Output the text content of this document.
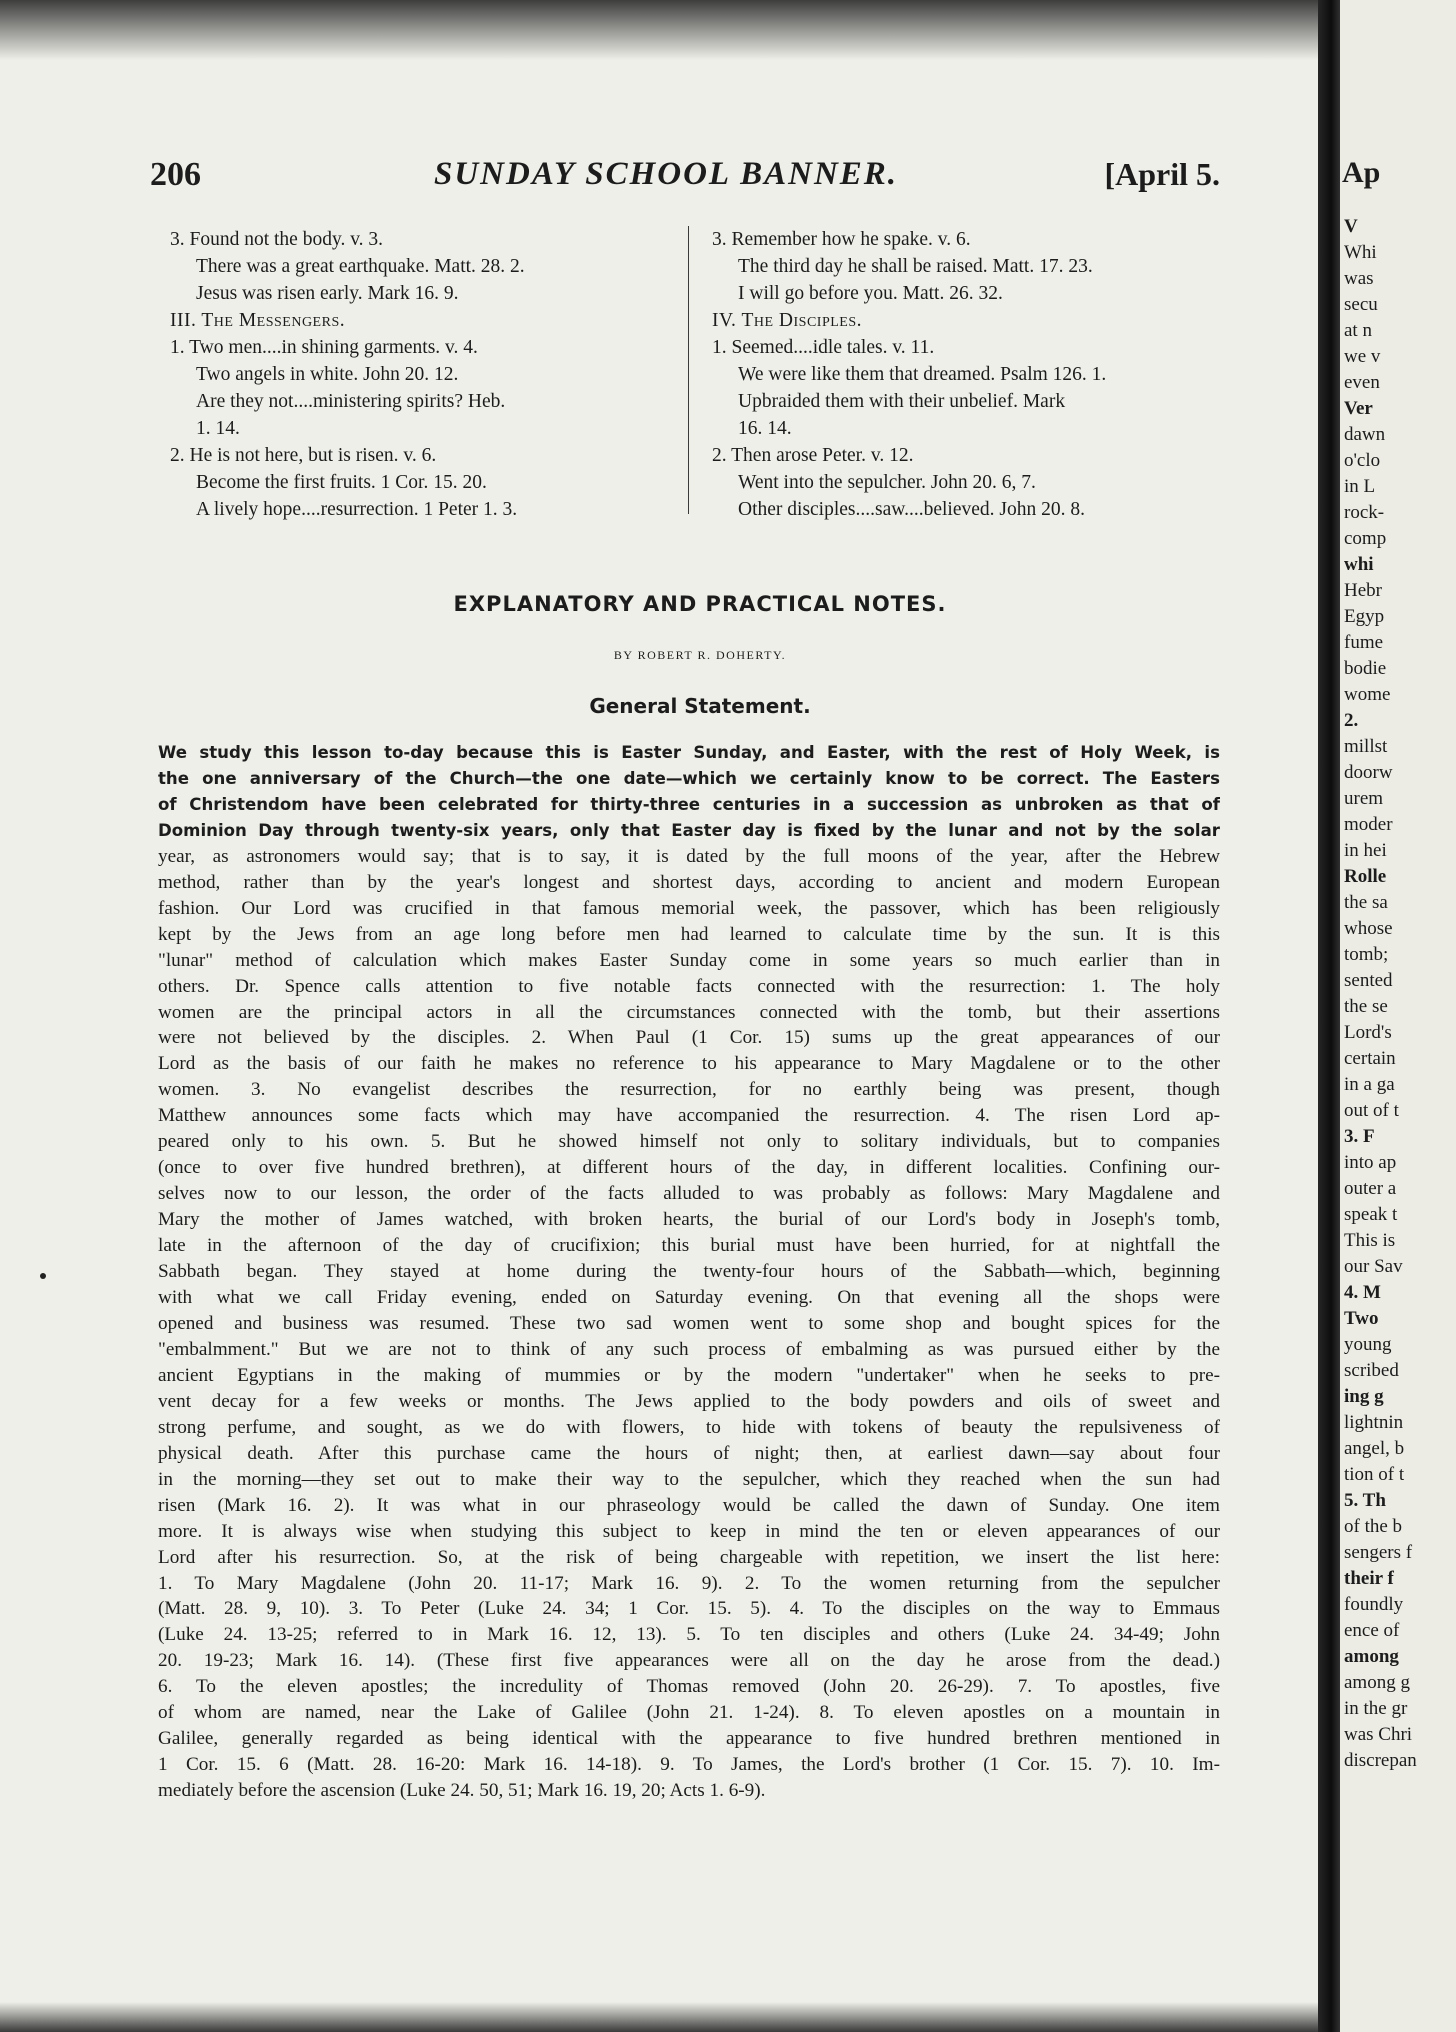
206	SUNDAY SCHOOL BANNER.	[April 5.
3. Found not the body. v. 3.
There was a great earthquake. Matt. 28. 2.
Jesus was risen early. Mark 16. 9.
III. The Messengers.
1. Two men....in shining garments. v. 4.
Two angels in white. John 20. 12.
Are they not....ministering spirits? Heb.
1. 14.
2. He is not here, but is risen. v. 6.
Become the first fruits. 1 Cor. 15. 20.
A lively hope....resurrection. 1 Peter 1. 3.
3. Remember how he spake. v. 6.
The third day he shall be raised. Matt. 17. 23.
I will go before you. Matt. 26. 32.
IV. The Disciples.
1. Seemed....idle tales. v. 11.
We were like them that dreamed. Psalm 126. 1.
Upbraided them with their unbelief. Mark
16. 14.
2. Then arose Peter. v. 12.
Went into the sepulcher. John 20. 6, 7.
Other disciples....saw....believed. John 20. 8.
EXPLANATORY AND PRACTICAL NOTES.
BY ROBERT R. DOHERTY.
General Statement.
We study this lesson to-day because this is Easter Sunday, and Easter, with the rest of Holy Week, is
the one anniversary of the Church—the one date—which we certainly know to be correct. The Easters
of Christendom have been celebrated for thirty-three centuries in a succession as unbroken as that of
Dominion Day through twenty-six years, only that Easter day is fixed by the lunar and not by the solar
year, as astronomers would say; that is to say, it is dated by the full moons of the year, after the Hebrew
method, rather than by the year's longest and shortest days, according to ancient and modern European
fashion. Our Lord was crucified in that famous memorial week, the passover, which has been religiously
kept by the Jews from an age long before men had learned to calculate time by the sun. It is this
"lunar" method of calculation which makes Easter Sunday come in some years so much earlier than in
others. Dr. Spence calls attention to five notable facts connected with the resurrection: 1. The holy
women are the principal actors in all the circumstances connected with the tomb, but their assertions
were not believed by the disciples. 2. When Paul (1 Cor. 15) sums up the great appearances of our
Lord as the basis of our faith he makes no reference to his appearance to Mary Magdalene or to the other
women. 3. No evangelist describes the resurrection, for no earthly being was present, though
Matthew announces some facts which may have accompanied the resurrection. 4. The risen Lord ap-
peared only to his own. 5. But he showed himself not only to solitary individuals, but to companies
(once to over five hundred brethren), at different hours of the day, in different localities. Confining our-
selves now to our lesson, the order of the facts alluded to was probably as follows: Mary Magdalene and
Mary the mother of James watched, with broken hearts, the burial of our Lord's body in Joseph's tomb,
late in the afternoon of the day of crucifixion; this burial must have been hurried, for at nightfall the
Sabbath began. They stayed at home during the twenty-four hours of the Sabbath—which, beginning
with what we call Friday evening, ended on Saturday evening. On that evening all the shops were
opened and business was resumed. These two sad women went to some shop and bought spices for the
"embalmment." But we are not to think of any such process of embalming as was pursued either by the
ancient Egyptians in the making of mummies or by the modern "undertaker" when he seeks to pre-
vent decay for a few weeks or months. The Jews applied to the body powders and oils of sweet and
strong perfume, and sought, as we do with flowers, to hide with tokens of beauty the repulsiveness of
physical death. After this purchase came the hours of night; then, at earliest dawn—say about four
in the morning—they set out to make their way to the sepulcher, which they reached when the sun had
risen (Mark 16. 2). It was what in our phraseology would be called the dawn of Sunday. One item
more. It is always wise when studying this subject to keep in mind the ten or eleven appearances of our
Lord after his resurrection. So, at the risk of being chargeable with repetition, we insert the list here:
1. To Mary Magdalene (John 20. 11-17; Mark 16. 9). 2. To the women returning from the sepulcher
(Matt. 28. 9, 10). 3. To Peter (Luke 24. 34; 1 Cor. 15. 5). 4. To the disciples on the way to Emmaus
(Luke 24. 13-25; referred to in Mark 16. 12, 13). 5. To ten disciples and others (Luke 24. 34-49; John
20. 19-23; Mark 16. 14). (These first five appearances were all on the day he arose from the dead.)
6. To the eleven apostles; the incredulity of Thomas removed (John 20. 26-29). 7. To apostles, five
of whom are named, near the Lake of Galilee (John 21. 1-24). 8. To eleven apostles on a mountain in
Galilee, generally regarded as being identical with the appearance to five hundred brethren mentioned in
1 Cor. 15. 6 (Matt. 28. 16-20: Mark 16. 14-18). 9. To James, the Lord's brother (1 Cor. 15. 7). 10. Im-
mediately before the ascension (Luke 24. 50, 51; Mark 16. 19, 20; Acts 1. 6-9).
Ap
V
Whi
was
secu
at n
we v
even
Ver
dawn
o'clo
in L
rock-
comp
whi
Hebr
Egyp
fume
bodie
wome
2.
millst
doorw
urem
moder
in hei
Rolle
the sa
whose
tomb;
sented
the se
Lord's
certain
in a ga
out of t
3. F
into ap
outer a
speak t
This is
our Sav
4. M
Two
young
scribed
ing g
lightnin
angel, b
tion of t
5. Th
of the b
sengers f
their f
foundly
ence of
among
among g
in the gr
was Chri
discrepan
